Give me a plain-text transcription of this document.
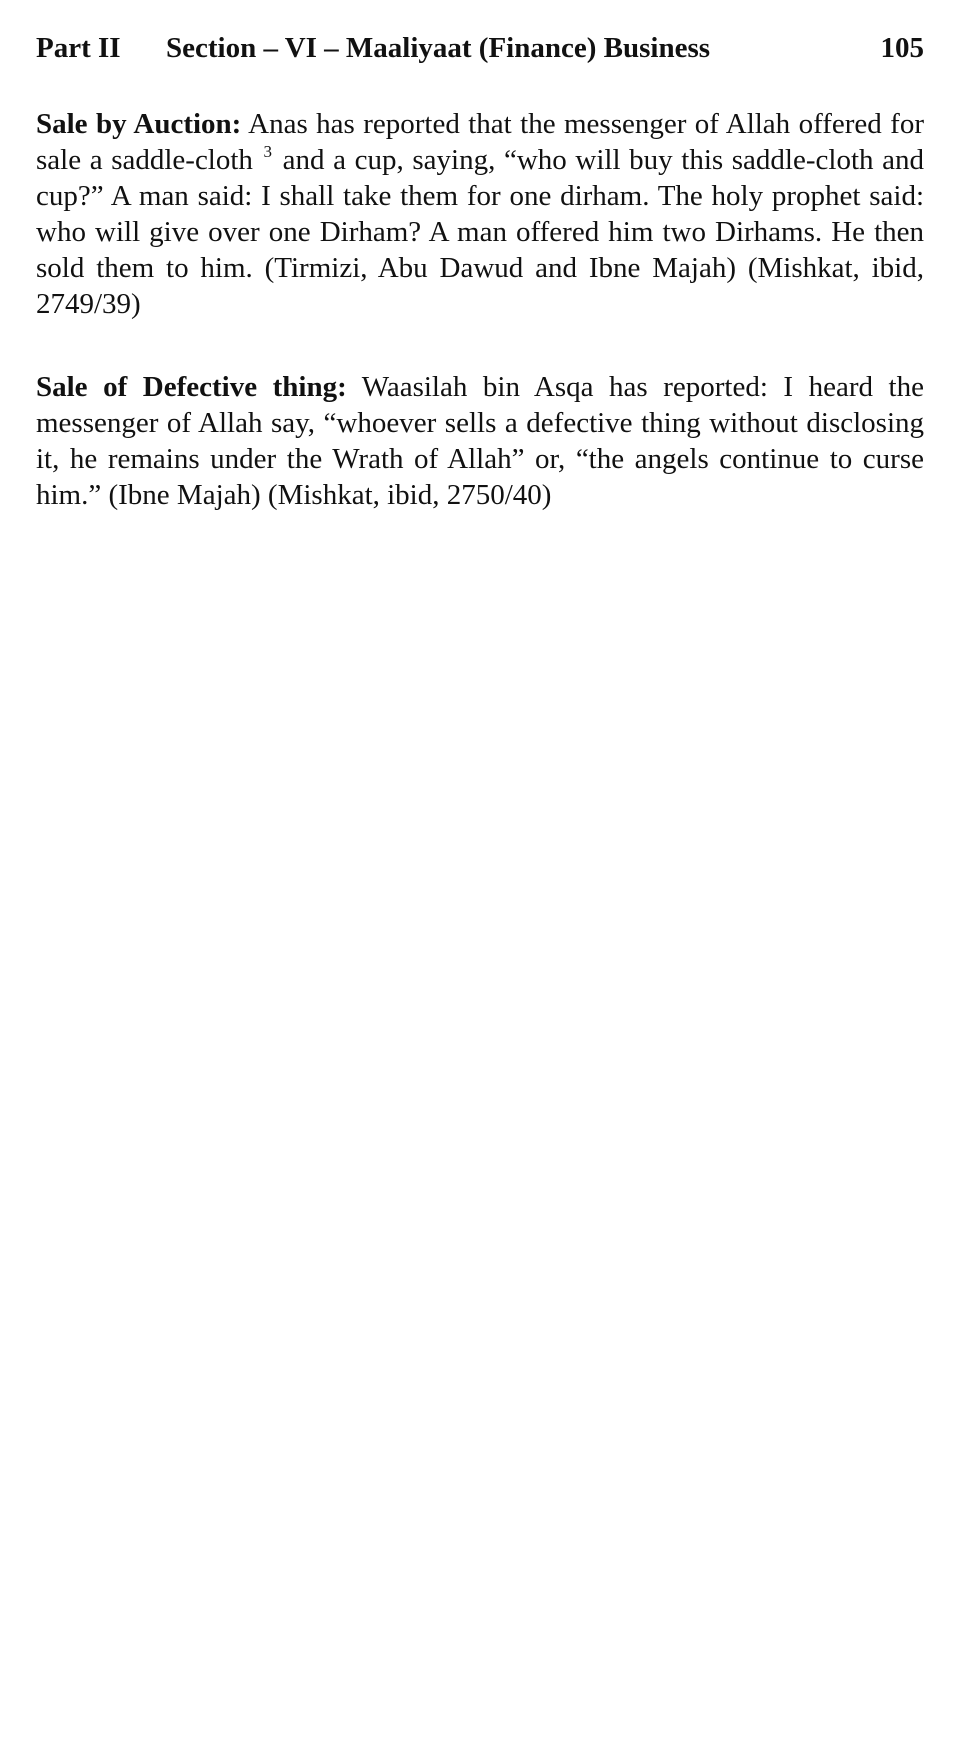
Part II Section – VI – Maaliyaat (Finance) Business	105

Sale by Auction: Anas has reported that the messenger of Allah offered for sale a saddle-cloth $^3$ and a cup, saying, “who will buy this saddle-cloth and cup?” A man said: I shall take them for one dirham. The holy prophet said: who will give over one Dirham? A man offered him two Dirhams. He then sold them to him. (Tirmizi, Abu Dawud and Ibne Majah) (Mishkat, ibid, 2749/39)

Sale of Defective thing: Waasilah bin Asqa has reported: I heard the messenger of Allah say, “whoever sells a defective thing without disclosing it, he remains under the Wrath of Allah” or, “the angels continue to curse him.” (Ibne Majah) (Mishkat, ibid, 2750/40)
